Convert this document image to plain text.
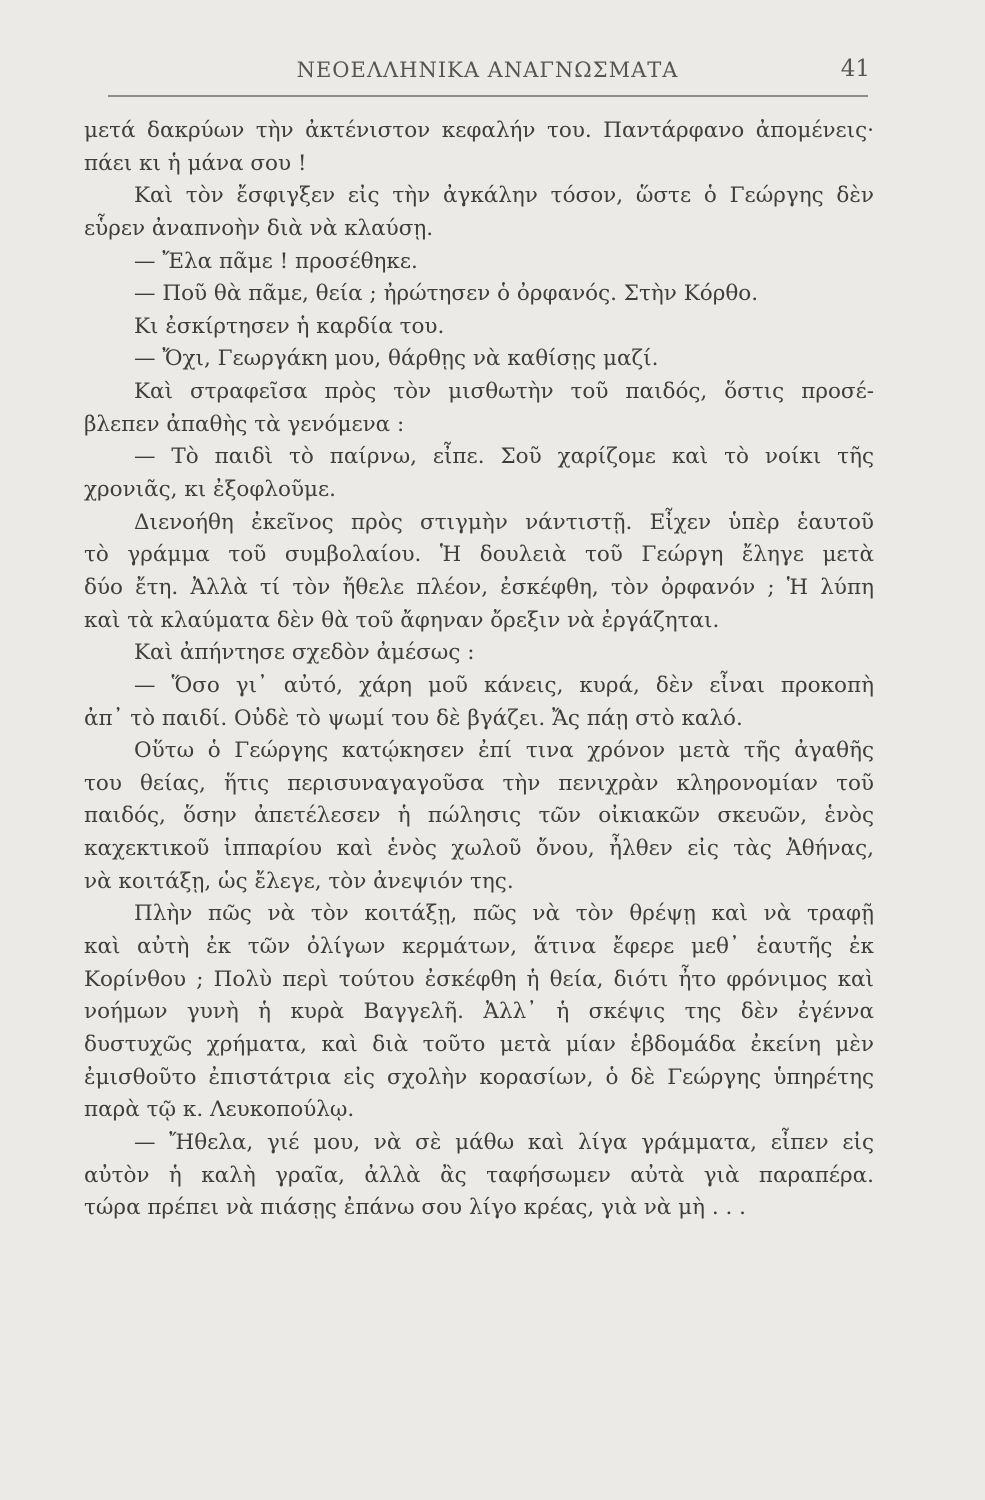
ΝΕΟΕΛΛΗΝΙΚΑ ΑΝΑΓΝΩΣΜΑΤΑ	41
μετά δακρύων τὴν ἀκτένιστον κεφαλήν του. Παντάρφανο ἀπομένεις·
πάει κι ἡ μάνα σου !
Καὶ τὸν ἔσφιγξεν εἰς τὴν ἀγκάλην τόσον, ὥστε ὁ Γεώργης δὲν
εὗρεν ἀναπνοὴν διὰ νὰ κλαύσῃ.
— Ἔλα πᾶμε ! προσέθηκε.
— Ποῦ θὰ πᾶμε, θεία ; ἠρώτησεν ὁ ὀρφανός. Στὴν Κόρθο.
Κι ἐσκίρτησεν ἡ καρδία του.
— Ὄχι, Γεωργάκη μου, θάρθῃς νὰ καθίσῃς μαζί.
Καὶ στραφεῖσα πρὸς τὸν μισθωτὴν τοῦ παιδός, ὅστις προσέ-
βλεπεν ἀπαθὴς τὰ γενόμενα :
— Τὸ παιδὶ τὸ παίρνω, εἶπε. Σοῦ χαρίζομε καὶ τὸ νοίκι τῆς
χρονιᾶς, κι ἐξοφλοῦμε.
Διενοήθη ἐκεῖνος πρὸς στιγμὴν νάντιστῇ. Εἶχεν ὑπὲρ ἑαυτοῦ
τὸ γράμμα τοῦ συμβολαίου. Ἡ δουλειὰ τοῦ Γεώργη ἔληγε μετὰ
δύο ἔτη. Ἀλλὰ τί τὸν ἤθελε πλέον, ἐσκέφθη, τὸν ὀρφανόν ; Ἡ λύπη
καὶ τὰ κλαύματα δὲν θὰ τοῦ ἄφηναν ὄρεξιν νὰ ἐργάζηται.
Καὶ ἀπήντησε σχεδὸν ἀμέσως :
— Ὅσο γι᾽ αὐτό, χάρη μοῦ κάνεις, κυρά, δὲν εἶναι προκοπὴ
ἀπ᾽ τὸ παιδί. Οὐδὲ τὸ ψωμί του δὲ βγάζει. Ἄς πάῃ στὸ καλό.
Οὕτω ὁ Γεώργης κατῴκησεν ἐπί τινα χρόνον μετὰ τῆς ἀγαθῆς
του θείας, ἥτις περισυναγαγοῦσα τὴν πενιχρὰν κληρονομίαν τοῦ
παιδός, ὅσην ἀπετέλεσεν ἡ πώλησις τῶν οἰκιακῶν σκευῶν, ἑνὸς
καχεκτικοῦ ἱππαρίου καὶ ἑνὸς χωλοῦ ὄνου, ἦλθεν εἰς τὰς Ἀθήνας,
νὰ κοιτάξῃ, ὡς ἔλεγε, τὸν ἀνεψιόν της.
Πλὴν πῶς νὰ τὸν κοιτάξῃ, πῶς νὰ τὸν θρέψῃ καὶ νὰ τραφῇ
καὶ αὐτὴ ἐκ τῶν ὀλίγων κερμάτων, ἅτινα ἔφερε μεθ᾽ ἑαυτῆς ἐκ
Κορίνθου ; Πολὺ περὶ τούτου ἐσκέφθη ἡ θεία, διότι ἦτο φρόνιμος καὶ
νοήμων γυνὴ ἡ κυρὰ Βαγγελῆ. Ἀλλ᾽ ἡ σκέψις της δὲν ἐγέννα
δυστυχῶς χρήματα, καὶ διὰ τοῦτο μετὰ μίαν ἑβδομάδα ἐκείνη μὲν
ἐμισθοῦτο ἐπιστάτρια εἰς σχολὴν κορασίων, ὁ δὲ Γεώργης ὑπηρέτης
παρὰ τῷ κ. Λευκοπούλῳ.
— Ἤθελα, γιέ μου, νὰ σὲ μάθω καὶ λίγα γράμματα, εἶπεν εἰς
αὐτὸν ἡ καλὴ γραῖα, ἀλλὰ ἂς ταφήσωμεν αὐτὰ γιὰ παραπέρα.
τώρα πρέπει νὰ πιάσῃς ἐπάνω σου λίγο κρέας, γιὰ νὰ μὴ . . .
